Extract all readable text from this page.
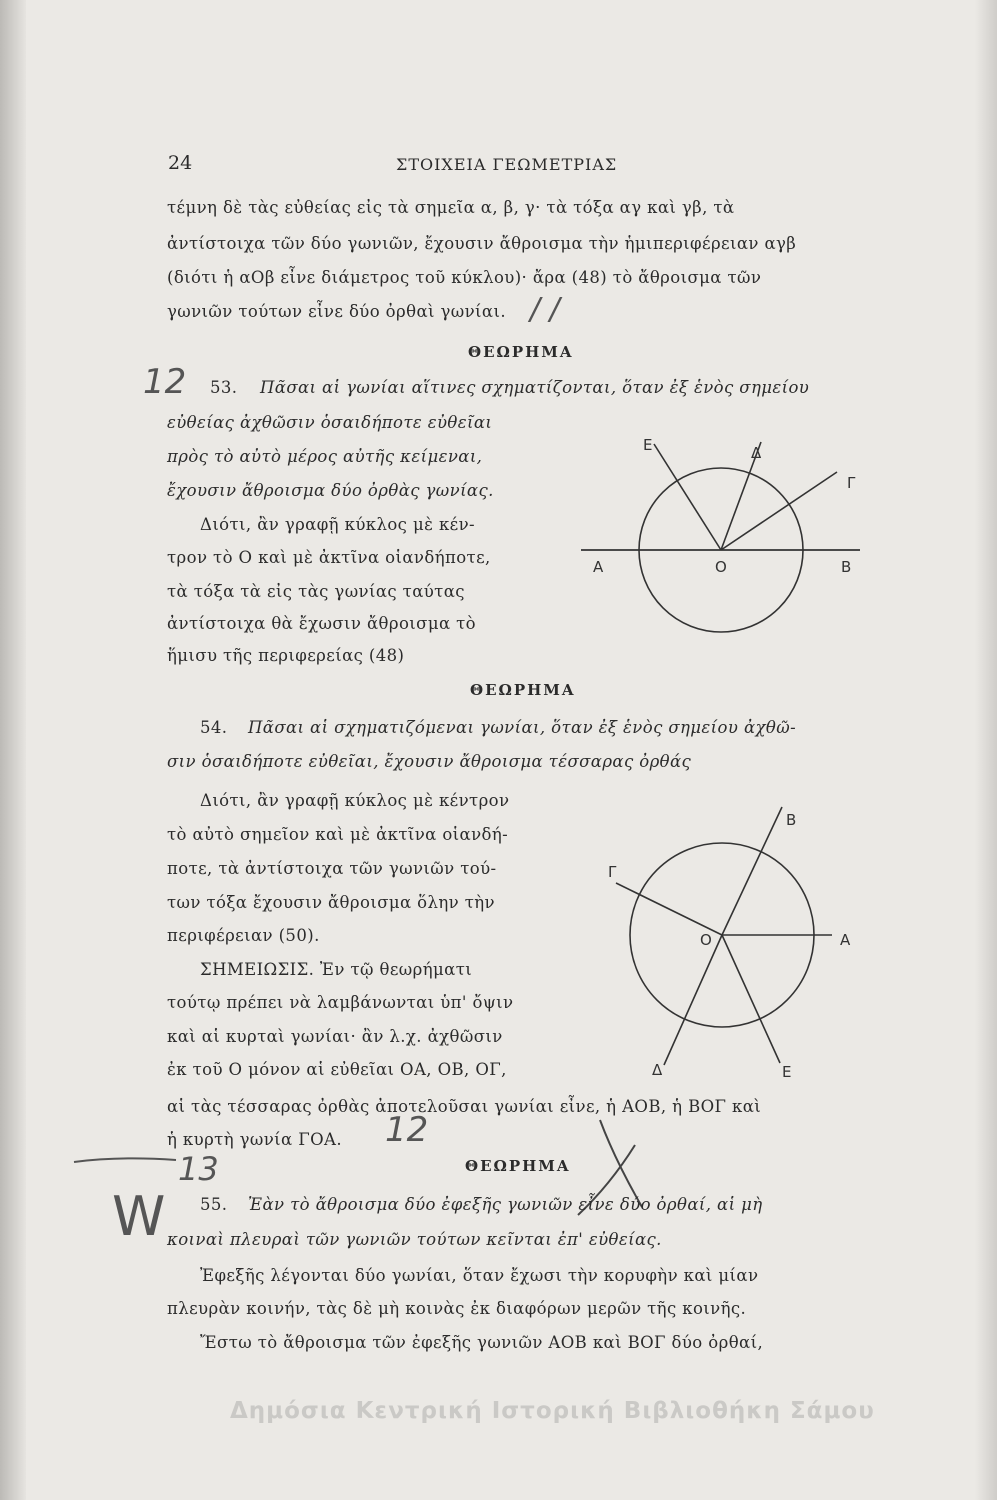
24	ΣΤΟΙΧΕΙΑ ΓΕΩΜΕΤΡΙΑΣ
τέμνη δὲ τὰς εὐθείας εἰς τὰ σημεῖα α, β, γ· τὰ τόξα αγ καὶ γβ, τὰ
ἀντίστοιχα τῶν δύο γωνιῶν, ἔχουσιν ἄθροισμα τὴν ἡμιπεριφέρειαν αγβ
(διότι ἡ αΟβ εἶνε διάμετρος τοῦ κύκλου)· ἄρα (48) τὸ ἄθροισμα τῶν
γωνιῶν τούτων εἶνε δύο ὀρθαὶ γωνίαι. / /
ΘΕΩΡΗΜΑ
12 53. Πᾶσαι αἱ γωνίαι αἵτινες σχηματίζονται, ὅταν ἐξ ἑνὸς σημείου
εὐθείας ἀχθῶσιν ὁσαιδήποτε εὐθεῖαι
πρὸς τὸ αὐτὸ μέρος αὐτῆς κείμεναι,
ἔχουσιν ἄθροισμα δύο ὀρθὰς γωνίας.
Διότι, ἂν γραφῇ κύκλος μὲ κέν-
τρον τὸ Ο καὶ μὲ ἀκτῖνα οἱανδήποτε,
τὰ τόξα τὰ εἰς τὰς γωνίας ταύτας
ἀντίστοιχα θὰ ἔχωσιν ἄθροισμα τὸ
ἥμισυ τῆς περιφερείας (48)
Α	Β
Ο
Γ
Δ
Ε
ΘΕΩΡΗΜΑ
54. Πᾶσαι αἱ σχηματιζόμεναι γωνίαι, ὅταν ἐξ ἑνὸς σημείου ἀχθῶ-
σιν ὁσαιδήποτε εὐθεῖαι, ἔχουσιν ἄθροισμα τέσσαρας ὀρθάς
Διότι, ἂν γραφῇ κύκλος μὲ κέντρον
τὸ αὐτὸ σημεῖον καὶ μὲ ἀκτῖνα οἱανδή-
ποτε, τὰ ἀντίστοιχα τῶν γωνιῶν τού-
των τόξα ἔχουσιν ἄθροισμα ὅλην τὴν
περιφέρειαν (50).
ΣΗΜΕΙΩΣΙΣ. Ἐν τῷ θεωρήματι
τούτῳ πρέπει νὰ λαμβάνωνται ὑπ' ὄψιν
καὶ αἱ κυρταὶ γωνίαι· ἂν λ.χ. ἀχθῶσιν
ἐκ τοῦ Ο μόνον αἱ εὐθεῖαι ΟΑ, ΟΒ, ΟΓ,
Α
Β
Γ
Ο
Δ	Ε
αἱ τὰς τέσσαρας ὀρθὰς ἀποτελοῦσαι γωνίαι εἶνε, ἡ ΑΟΒ, ἡ ΒΟΓ καὶ
ἡ κυρτὴ γωνία ΓΟΑ. 12
ΘΕΩΡΗΜΑ
13
W 55. Ἐὰν τὸ ἄθροισμα δύο ἐφεξῆς γωνιῶν εἶνε δύο ὀρθαί, αἱ μὴ
κοιναὶ πλευραὶ τῶν γωνιῶν τούτων κεῖνται ἐπ' εὐθείας.
Ἐφεξῆς λέγονται δύο γωνίαι, ὅταν ἔχωσι τὴν κορυφὴν καὶ μίαν
πλευρὰν κοινήν, τὰς δὲ μὴ κοινὰς ἐκ διαφόρων μερῶν τῆς κοινῆς.
Ἔστω τὸ ἄθροισμα τῶν ἐφεξῆς γωνιῶν ΑΟΒ καὶ ΒΟΓ δύο ὀρθαί,
Δημόσια Κεντρική Ιστορική Βιβλιοθήκη Σάμου
